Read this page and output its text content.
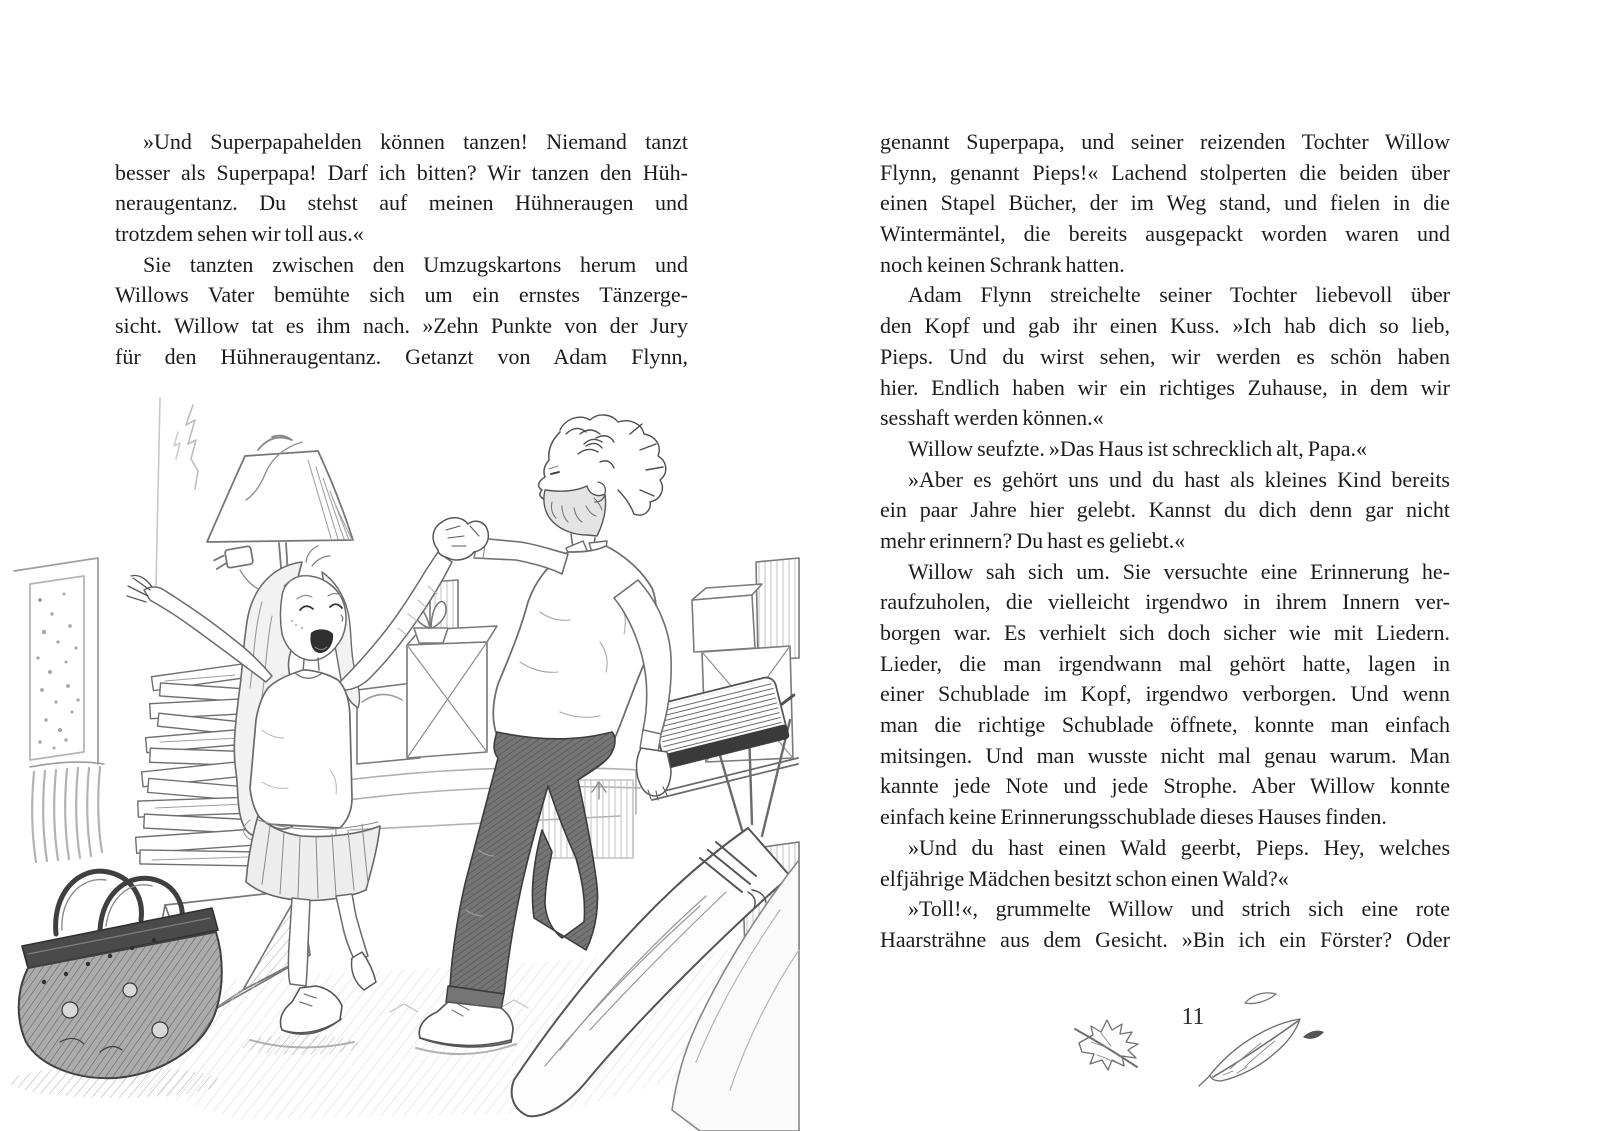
»Und Superpapahelden können tanzen! Niemand tanzt
besser als Superpapa! Darf ich bitten? Wir tanzen den Hüh-
neraugentanz. Du stehst auf meinen Hühneraugen und
trotzdem sehen wir toll aus.«
Sie tanzten zwischen den Umzugskartons herum und
Willows Vater bemühte sich um ein ernstes Tänzerge-
sicht. Willow tat es ihm nach. »Zehn Punkte von der Jury
für den Hühneraugentanz. Getanzt von Adam Flynn,
genannt Superpapa, und seiner reizenden Tochter Willow
Flynn, genannt Pieps!« Lachend stolperten die beiden über
einen Stapel Bücher, der im Weg stand, und fielen in die
Wintermäntel, die bereits ausgepackt worden waren und
noch keinen Schrank hatten.
Adam Flynn streichelte seiner Tochter liebevoll über
den Kopf und gab ihr einen Kuss. »Ich hab dich so lieb,
Pieps. Und du wirst sehen, wir werden es schön haben
hier. Endlich haben wir ein richtiges Zuhause, in dem wir
sesshaft werden können.«
Willow seufzte. »Das Haus ist schrecklich alt, Papa.«
»Aber es gehört uns und du hast als kleines Kind bereits
ein paar Jahre hier gelebt. Kannst du dich denn gar nicht
mehr erinnern? Du hast es geliebt.«
Willow sah sich um. Sie versuchte eine Erinnerung he-
raufzuholen, die vielleicht irgendwo in ihrem Innern ver-
borgen war. Es verhielt sich doch sicher wie mit Liedern.
Lieder, die man irgendwann mal gehört hatte, lagen in
einer Schublade im Kopf, irgendwo verborgen. Und wenn
man die richtige Schublade öffnete, konnte man einfach
mitsingen. Und man wusste nicht mal genau warum. Man
kannte jede Note und jede Strophe. Aber Willow konnte
einfach keine Erinnerungsschublade dieses Hauses finden.
»Und du hast einen Wald geerbt, Pieps. Hey, welches
elfjährige Mädchen besitzt schon einen Wald?«
»Toll!«, grummelte Willow und strich sich eine rote
Haarsträhne aus dem Gesicht. »Bin ich ein Förster? Oder
11
